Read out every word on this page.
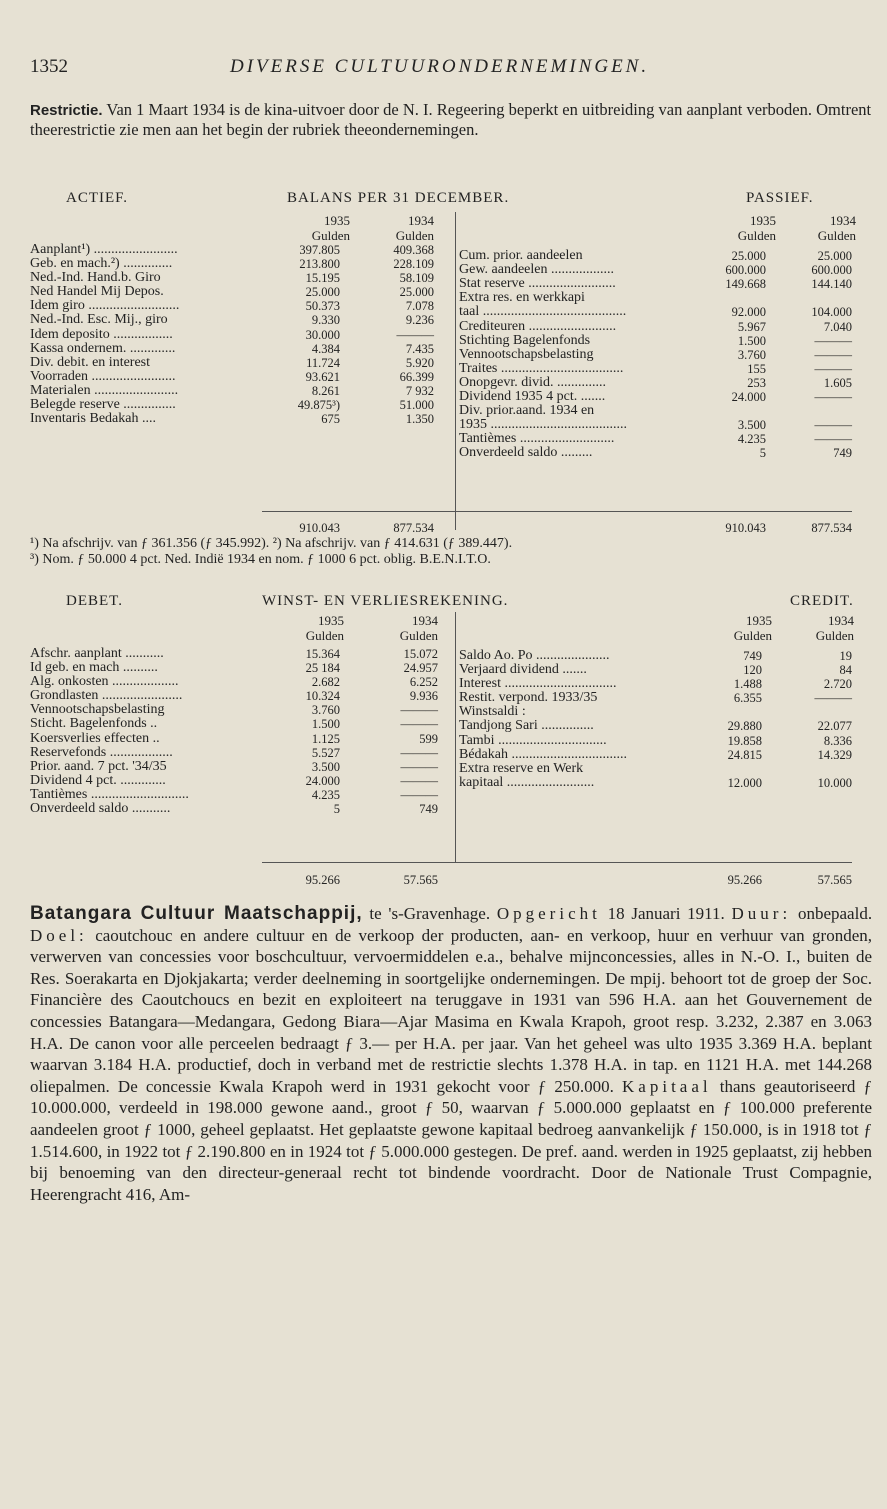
1352	DIVERSE CULTUURONDERNEMINGEN.
Restrictie. Van 1 Maart 1934 is de kina-uitvoer door de N. I. Regeering beperkt en uitbreiding van aanplant verboden. Omtrent theerestrictie zie men aan het begin der rubriek theeondernemingen.
ACTIEF.	BALANS PER 31 DECEMBER.	PASSIEF.
1935
Gulden
1934
Gulden
1935
Gulden
1934
Gulden
Aanplant¹) ........................	397.805	409.368
Geb. en mach.²) ..............	213.800	228.109
Ned.-Ind. Hand.b. Giro	15.195	58.109
Ned Handel Mij Depos.	25.000	25.000
Idem giro ..........................	50.373	7.078
Ned.-Ind. Esc. Mij., giro	9.330	9.236
Idem deposito .................	30.000	———
Kassa ondernem. .............	4.384	7.435
Div. debit. en interest	11.724	5.920
Voorraden ........................	93.621	66.399
Materialen ........................	8.261	7 932
Belegde reserve ...............	49.875³)	51.000
Inventaris Bedakah ....	675	1.350
Cum. prior. aandeelen	25.000	25.000
Gew. aandeelen ..................	600.000	600.000
Stat reserve .........................	149.668	144.140
Extra res. en werkkapi
taal .........................................	92.000	104.000
Crediteuren .........................	5.967	7.040
Stichting Bagelenfonds	1.500	———
Vennootschapsbelasting	3.760	———
Traites ...................................	155	———
Onopgevr. divid. ..............	253	1.605
Dividend 1935 4 pct. .......	24.000	———
Div. prior.aand. 1934 en
1935 .......................................	3.500	———
Tantièmes ...........................	4.235	———
Onverdeeld saldo .........	5	749
910.043	877.534	910.043	877.534
¹) Na afschrijv. van ƒ 361.356 (ƒ 345.992). ²) Na afschrijv. van ƒ 414.631 (ƒ 389.447).
³) Nom. ƒ 50.000 4 pct. Ned. Indië 1934 en nom. ƒ 1000 6 pct. oblig. B.E.N.I.T.O.
DEBET.	WINST- EN VERLIESREKENING.	CREDIT.
1935
Gulden
1934
Gulden
1935
Gulden
1934
Gulden
Afschr. aanplant ...........	15.364	15.072
Id geb. en mach ..........	25 184	24.957
Alg. onkosten ...................	2.682	6.252
Grondlasten .......................	10.324	9.936
Vennootschapsbelasting	3.760	———
Sticht. Bagelenfonds ..	1.500	———
Koersverlies effecten ..	1.125	599
Reservefonds ..................	5.527	———
Prior. aand. 7 pct. '34/35	3.500	———
Dividend 4 pct. .............	24.000	———
Tantièmes ............................	4.235	———
Onverdeeld saldo ...........	5	749
Saldo Ao. Po .....................	749	19
Verjaard dividend .......	120	84
Interest ................................	1.488	2.720
Restit. verpond. 1933/35	6.355	———
Winstsaldi :
Tandjong Sari ...............	29.880	22.077
Tambi ...............................	19.858	8.336
Bédakah .................................	24.815	14.329
Extra reserve en Werk
kapitaal .........................	12.000	10.000
95.266	57.565	95.266	57.565
Batangara Cultuur Maatschappij, te 's-Gravenhage. Opgericht 18 Januari 1911. Duur: onbepaald. Doel: caoutchouc en andere cultuur en de verkoop der producten, aan- en verkoop, huur en verhuur van gronden, verwerven van concessies voor boschcultuur, vervoermiddelen e.a., behalve mijnconcessies, alles in N.-O. I., buiten de Res. Soerakarta en Djokjakarta; verder deelneming in soortgelijke ondernemingen. De mpij. behoort tot de groep der Soc. Financière des Caoutchoucs en bezit en exploiteert na teruggave in 1931 van 596 H.A. aan het Gouvernement de concessies Batangara—Medangara, Gedong Biara—Ajar Masima en Kwala Krapoh, groot resp. 3.232, 2.387 en 3.063 H.A. De canon voor alle perceelen bedraagt ƒ 3.— per H.A. per jaar. Van het geheel was ulto 1935 3.369 H.A. beplant waarvan 3.184 H.A. productief, doch in verband met de restrictie slechts 1.378 H.A. in tap. en 1121 H.A. met 144.268 oliepalmen. De concessie Kwala Krapoh werd in 1931 gekocht voor ƒ 250.000. Kapitaal thans geautoriseerd ƒ 10.000.000, verdeeld in 198.000 gewone aand., groot ƒ 50, waarvan ƒ 5.000.000 geplaatst en ƒ 100.000 preferente aandeelen groot ƒ 1000, geheel geplaatst. Het geplaatste gewone kapitaal bedroeg aanvankelijk ƒ 150.000, is in 1918 tot ƒ 1.514.600, in 1922 tot ƒ 2.190.800 en in 1924 tot ƒ 5.000.000 gestegen. De pref. aand. werden in 1925 geplaatst, zij hebben bij benoeming van den directeur-generaal recht tot bindende voordracht. Door de Nationale Trust Compagnie, Heerengracht 416, Am-
